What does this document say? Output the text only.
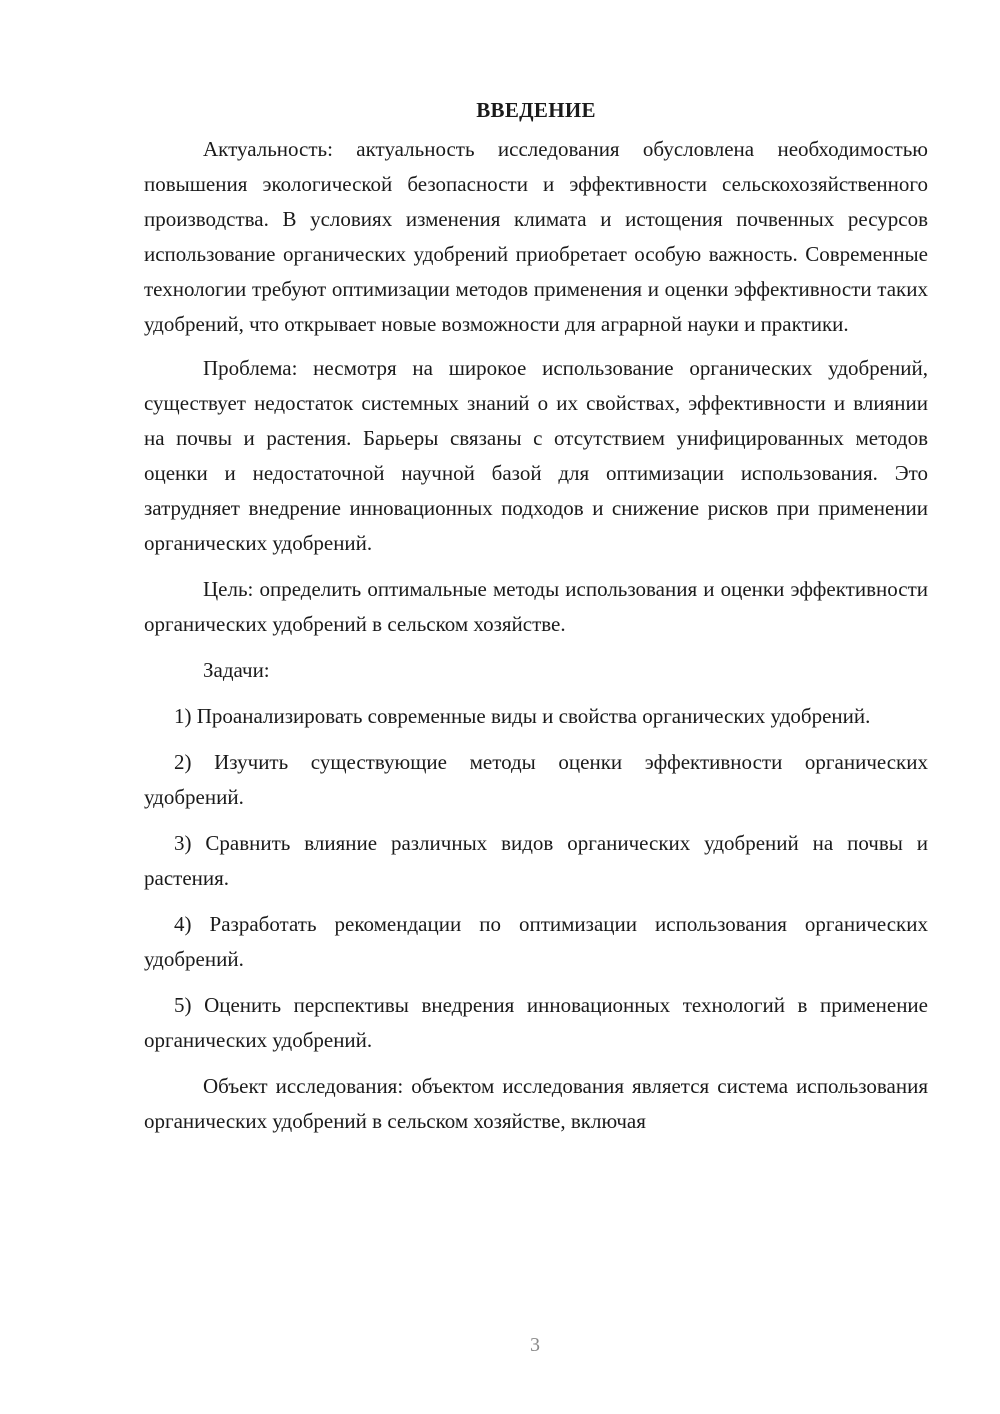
ВВЕДЕНИЕ

Актуальность: актуальность исследования обусловлена необходимостью повышения экологической безопасности и эффективности сельскохозяйственного производства. В условиях изменения климата и истощения почвенных ресурсов использование органических удобрений приобретает особую важность. Современные технологии требуют оптимизации методов применения и оценки эффективности таких удобрений, что открывает новые возможности для аграрной науки и практики.

Проблема: несмотря на широкое использование органических удобрений, существует недостаток системных знаний о их свойствах, эффективности и влиянии на почвы и растения. Барьеры связаны с отсутствием унифицированных методов оценки и недостаточной научной базой для оптимизации использования. Это затрудняет внедрение инновационных подходов и снижение рисков при применении органических удобрений.

Цель: определить оптимальные методы использования и оценки эффективности органических удобрений в сельском хозяйстве.

Задачи:

1) Проанализировать современные виды и свойства органических удобрений.

2) Изучить существующие методы оценки эффективности органических удобрений.

3) Сравнить влияние различных видов органических удобрений на почвы и растения.

4) Разработать рекомендации по оптимизации использования органических удобрений.

5) Оценить перспективы внедрения инновационных технологий в применение органических удобрений.

Объект исследования: объектом исследования является система использования органических удобрений в сельском хозяйстве, включая

3
